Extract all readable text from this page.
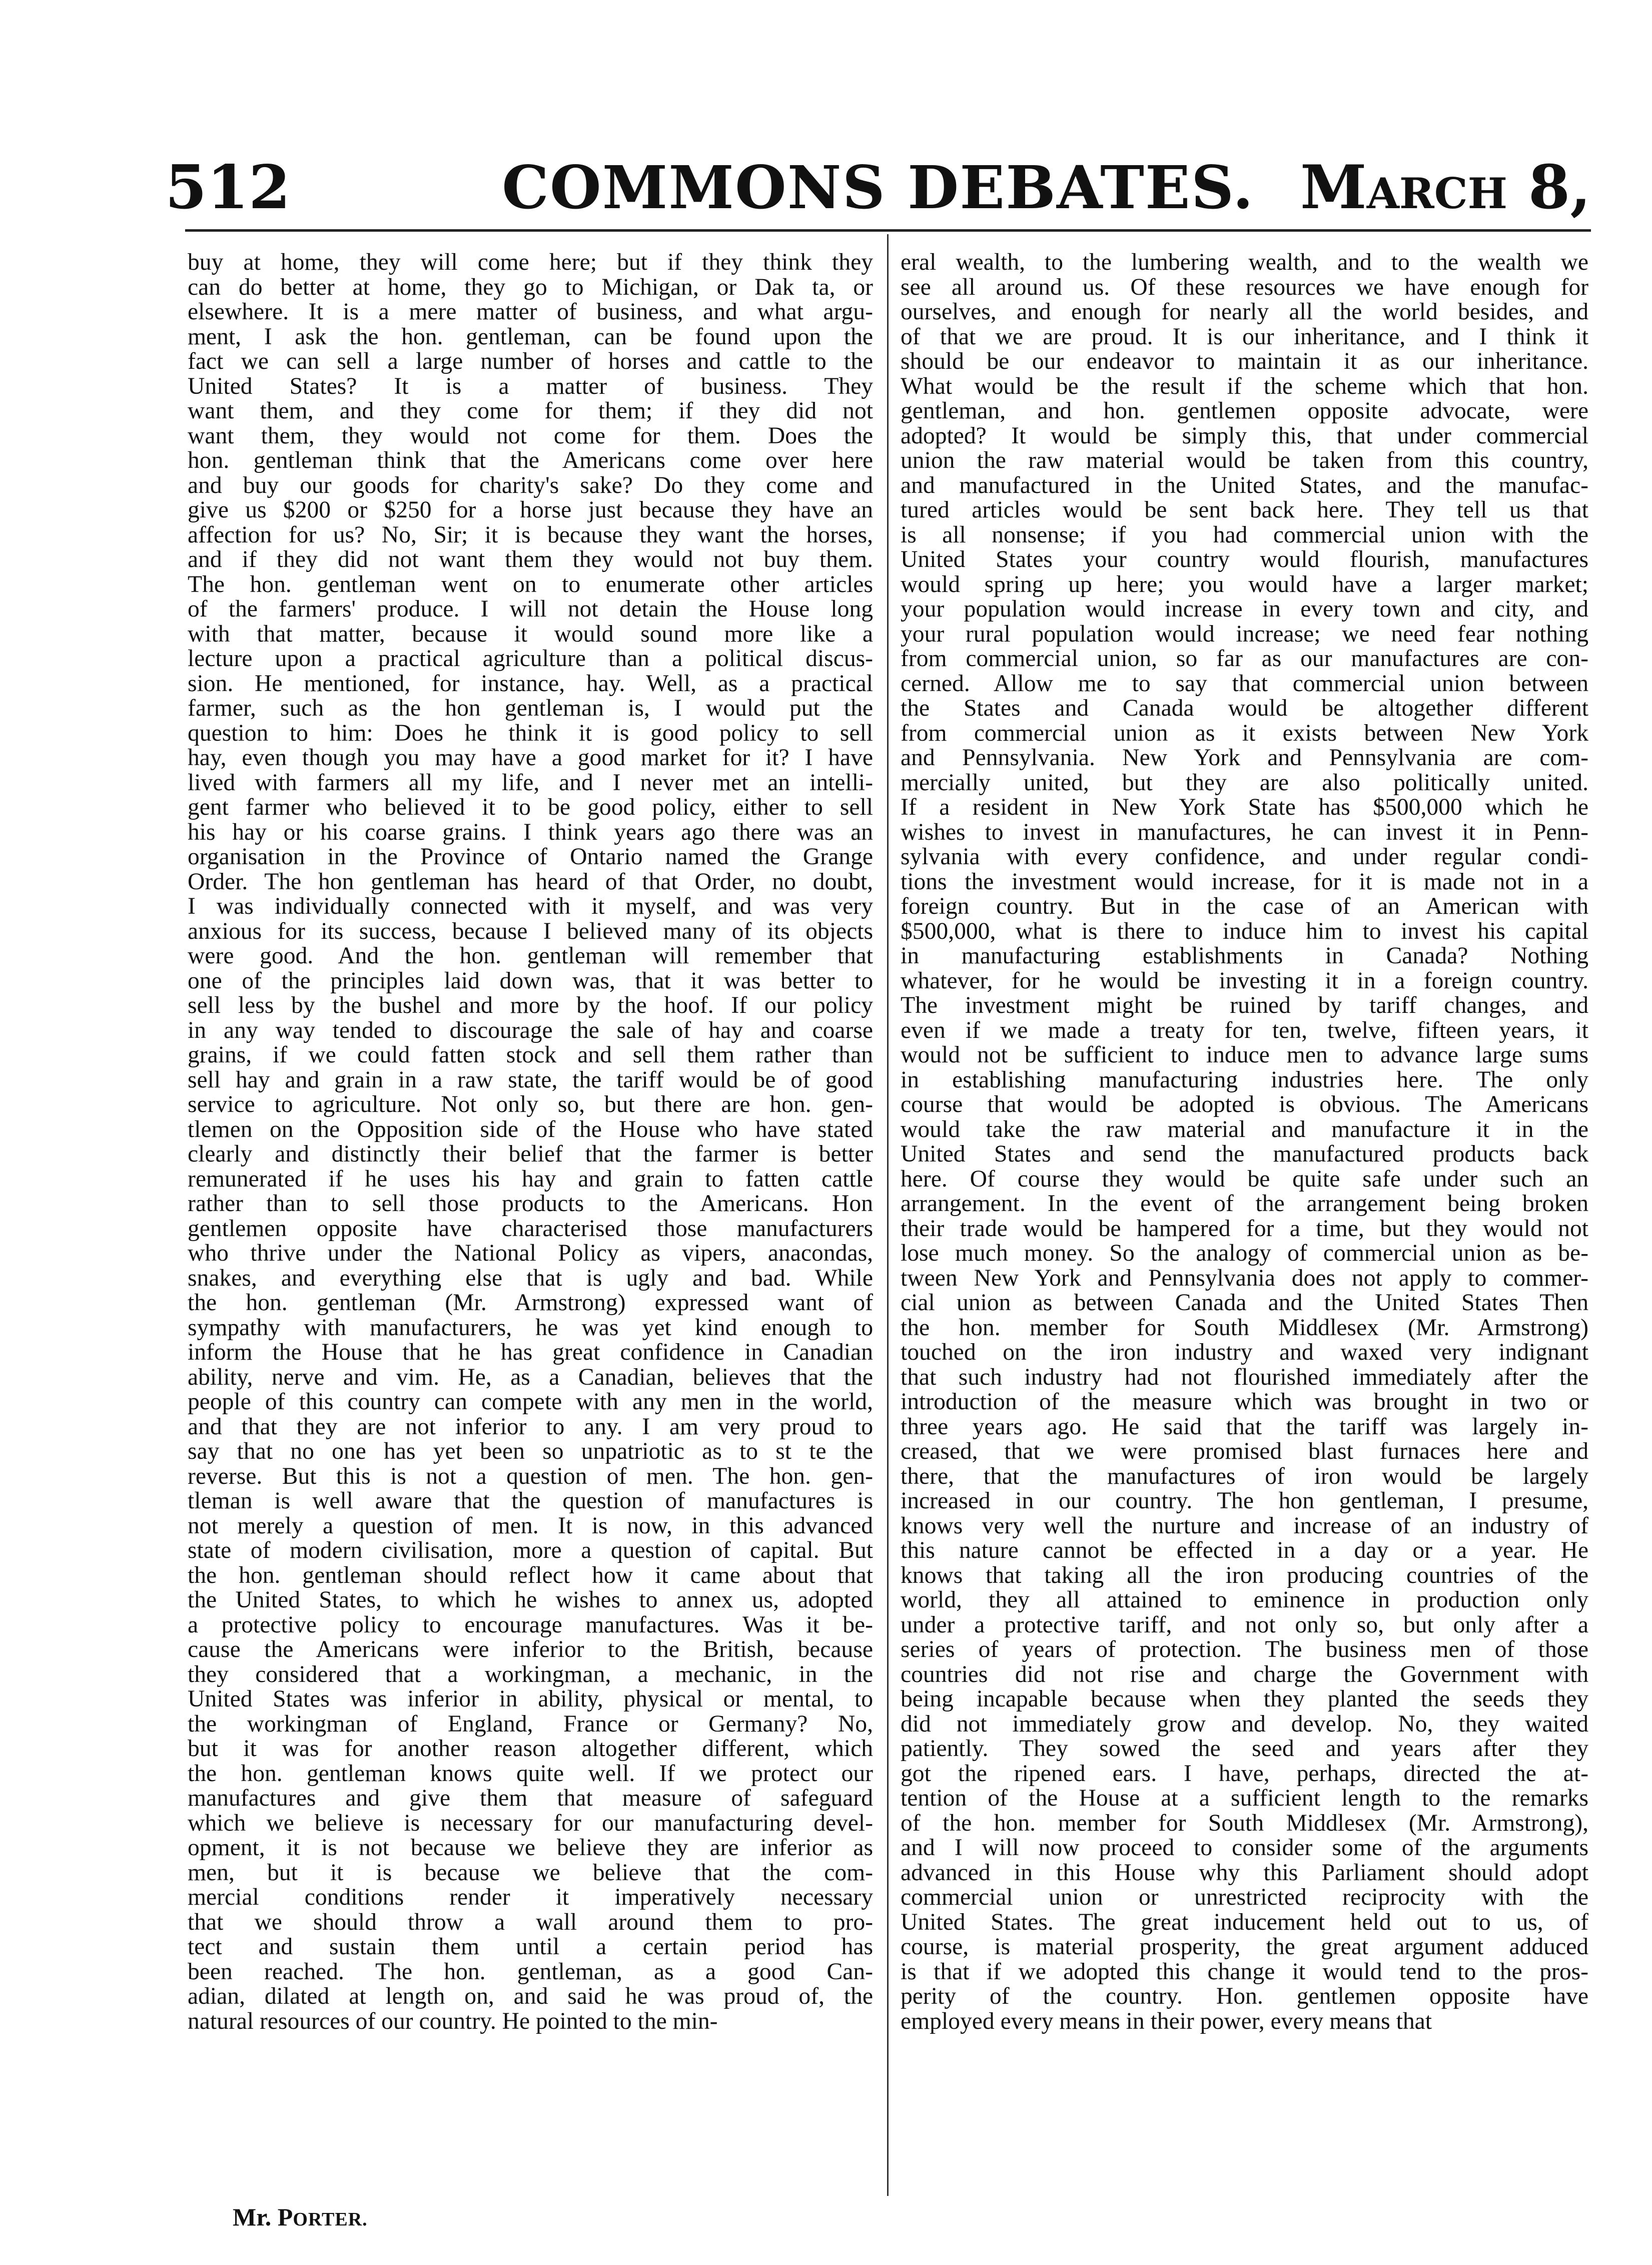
512	COMMONS DEBATES. MARCH 8,
buy at home, they will come here; but if they think they
can do better at home, they go to Michigan, or Dak ta, or
elsewhere. It is a mere matter of business, and what argu-
ment, I ask the hon. gentleman, can be found upon the
fact we can sell a large number of horses and cattle to the
United States? It is a matter of business. They
want them, and they come for them; if they did not
want them, they would not come for them. Does the
hon. gentleman think that the Americans come over here
and buy our goods for charity's sake? Do they come and
give us $200 or $250 for a horse just because they have an
affection for us? No, Sir; it is because they want the horses,
and if they did not want them they would not buy them.
The hon. gentleman went on to enumerate other articles
of the farmers' produce. I will not detain the House long
with that matter, because it would sound more like a
lecture upon a practical agriculture than a political discus-
sion. He mentioned, for instance, hay. Well, as a practical
farmer, such as the hon gentleman is, I would put the
question to him: Does he think it is good policy to sell
hay, even though you may have a good market for it? I have
lived with farmers all my life, and I never met an intelli-
gent farmer who believed it to be good policy, either to sell
his hay or his coarse grains. I think years ago there was an
organisation in the Province of Ontario named the Grange
Order. The hon gentleman has heard of that Order, no doubt,
I was individually connected with it myself, and was very
anxious for its success, because I believed many of its objects
were good. And the hon. gentleman will remember that
one of the principles laid down was, that it was better to
sell less by the bushel and more by the hoof. If our policy
in any way tended to discourage the sale of hay and coarse
grains, if we could fatten stock and sell them rather than
sell hay and grain in a raw state, the tariff would be of good
service to agriculture. Not only so, but there are hon. gen-
tlemen on the Opposition side of the House who have stated
clearly and distinctly their belief that the farmer is better
remunerated if he uses his hay and grain to fatten cattle
rather than to sell those products to the Americans. Hon
gentlemen opposite have characterised those manufacturers
who thrive under the National Policy as vipers, anacondas,
snakes, and everything else that is ugly and bad. While
the hon. gentleman (Mr. Armstrong) expressed want of
sympathy with manufacturers, he was yet kind enough to
inform the House that he has great confidence in Canadian
ability, nerve and vim. He, as a Canadian, believes that the
people of this country can compete with any men in the world,
and that they are not inferior to any. I am very proud to
say that no one has yet been so unpatriotic as to st te the
reverse. But this is not a question of men. The hon. gen-
tleman is well aware that the question of manufactures is
not merely a question of men. It is now, in this advanced
state of modern civilisation, more a question of capital. But
the hon. gentleman should reflect how it came about that
the United States, to which he wishes to annex us, adopted
a protective policy to encourage manufactures. Was it be-
cause the Americans were inferior to the British, because
they considered that a workingman, a mechanic, in the
United States was inferior in ability, physical or mental, to
the workingman of England, France or Germany? No,
but it was for another reason altogether different, which
the hon. gentleman knows quite well. If we protect our
manufactures and give them that measure of safeguard
which we believe is necessary for our manufacturing devel-
opment, it is not because we believe they are inferior as
men, but it is because we believe that the com-
mercial conditions render it imperatively necessary
that we should throw a wall around them to pro-
tect and sustain them until a certain period has
been reached. The hon. gentleman, as a good Can-
adian, dilated at length on, and said he was proud of, the
natural resources of our country. He pointed to the min-
eral wealth, to the lumbering wealth, and to the wealth we
see all around us. Of these resources we have enough for
ourselves, and enough for nearly all the world besides, and
of that we are proud. It is our inheritance, and I think it
should be our endeavor to maintain it as our inheritance.
What would be the result if the scheme which that hon.
gentleman, and hon. gentlemen opposite advocate, were
adopted? It would be simply this, that under commercial
union the raw material would be taken from this country,
and manufactured in the United States, and the manufac-
tured articles would be sent back here. They tell us that
is all nonsense; if you had commercial union with the
United States your country would flourish, manufactures
would spring up here; you would have a larger market;
your population would increase in every town and city, and
your rural population would increase; we need fear nothing
from commercial union, so far as our manufactures are con-
cerned. Allow me to say that commercial union between
the States and Canada would be altogether different
from commercial union as it exists between New York
and Pennsylvania. New York and Pennsylvania are com-
mercially united, but they are also politically united.
If a resident in New York State has $500,000 which he
wishes to invest in manufactures, he can invest it in Penn-
sylvania with every confidence, and under regular condi-
tions the investment would increase, for it is made not in a
foreign country. But in the case of an American with
$500,000, what is there to induce him to invest his capital
in manufacturing establishments in Canada? Nothing
whatever, for he would be investing it in a foreign country.
The investment might be ruined by tariff changes, and
even if we made a treaty for ten, twelve, fifteen years, it
would not be sufficient to induce men to advance large sums
in establishing manufacturing industries here. The only
course that would be adopted is obvious. The Americans
would take the raw material and manufacture it in the
United States and send the manufactured products back
here. Of course they would be quite safe under such an
arrangement. In the event of the arrangement being broken
their trade would be hampered for a time, but they would not
lose much money. So the analogy of commercial union as be-
tween New York and Pennsylvania does not apply to commer-
cial union as between Canada and the United States Then
the hon. member for South Middlesex (Mr. Armstrong)
touched on the iron industry and waxed very indignant
that such industry had not flourished immediately after the
introduction of the measure which was brought in two or
three years ago. He said that the tariff was largely in-
creased, that we were promised blast furnaces here and
there, that the manufactures of iron would be largely
increased in our country. The hon gentleman, I presume,
knows very well the nurture and increase of an industry of
this nature cannot be effected in a day or a year. He
knows that taking all the iron producing countries of the
world, they all attained to eminence in production only
under a protective tariff, and not only so, but only after a
series of years of protection. The business men of those
countries did not rise and charge the Government with
being incapable because when they planted the seeds they
did not immediately grow and develop. No, they waited
patiently. They sowed the seed and years after they
got the ripened ears. I have, perhaps, directed the at-
tention of the House at a sufficient length to the remarks
of the hon. member for South Middlesex (Mr. Armstrong),
and I will now proceed to consider some of the arguments
advanced in this House why this Parliament should adopt
commercial union or unrestricted reciprocity with the
United States. The great inducement held out to us, of
course, is material prosperity, the great argument adduced
is that if we adopted this change it would tend to the pros-
perity of the country. Hon. gentlemen opposite have
employed every means in their power, every means that
Mr. PORTER.
